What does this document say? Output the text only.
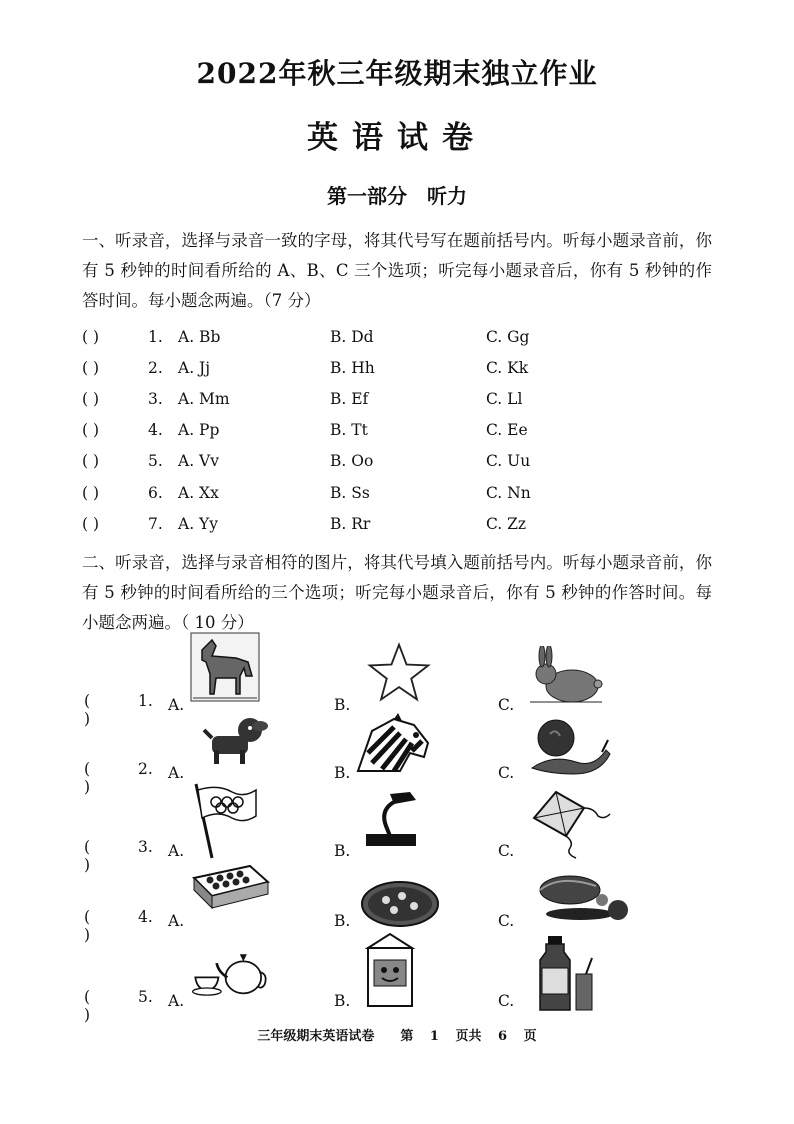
2022年秋三年级期末独立作业
英语试卷
第一部分　听力
一、听录音，选择与录音一致的字母，将其代号写在题前括号内。听每小题录音前，你有 5 秒钟的时间看所给的 A、B、C 三个选项；听完每小题录音后，你有 5 秒钟的作答时间。每小题念两遍。（7 分）
( )	1. A. Bb	B. Dd	C. Gg
( )	2. A. Jj	B. Hh	C. Kk
( )	3. A. Mm	B. Ef	C. Ll
( )	4. A. Pp	B. Tt	C. Ee
( )	5. A. Vv	B. Oo	C. Uu
( )	6. A. Xx	B. Ss	C. Nn
( )	7. A. Yy	B. Rr	C. Zz
二、听录音，选择与录音相符的图片，将其代号填入题前括号内。听每小题录音前，你有 5 秒钟的时间看所给的三个选项；听完每小题录音后，你有 5 秒钟的作答时间。每小题念两遍。（ 10 分）
( )
1. A.	B.	C.
( )
2. A.	B.	C.
( )
3. A.	B.	C.
( )
4. A.	B.	C.
( )
5. A.	B.	C.
三年级期末英语试卷　　第 1 页共 6 页
